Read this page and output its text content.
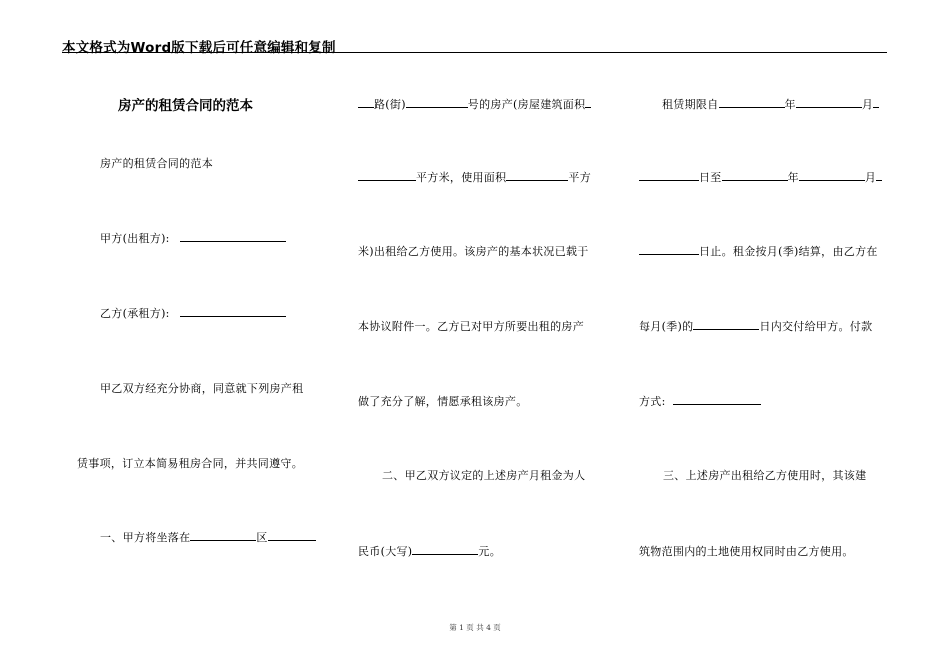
本文格式为Word版下载后可任意编辑和复制
房产的租赁合同的范本
房产的租赁合同的范本
甲方(出租方):
乙方(承租方):
甲乙双方经充分协商，同意就下列房产租
赁事项，订立本简易租房合同，并共同遵守。
一、甲方将坐落在	区
路(街)	号的房产(房屋建筑面积
平方米，使用面积	平方
米)出租给乙方使用。该房产的基本状况已载于
本协议附件一。乙方已对甲方所要出租的房产
做了充分了解，情愿承租该房产。
二、甲乙双方议定的上述房产月租金为人
民币(大写)	元。
租赁期限自	年	月
日至	年	月
日止。租金按月(季)结算，由乙方在
每月(季)的	日内交付给甲方。付款
方式:
三、上述房产出租给乙方使用时，其该建
筑物范围内的土地使用权同时由乙方使用。
第 1 页 共 4 页
